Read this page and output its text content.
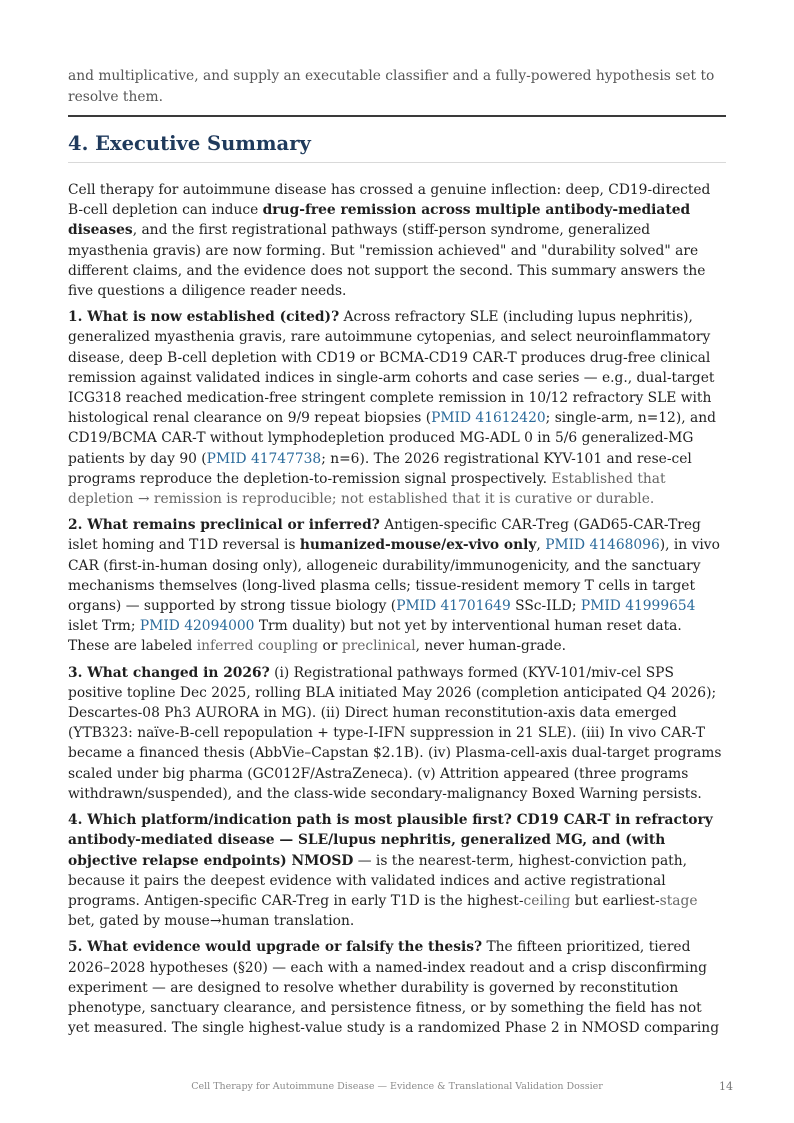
and multiplicative, and supply an executable classifier and a fully-powered hypothesis set to
resolve them.

4. Executive Summary

Cell therapy for autoimmune disease has crossed a genuine inflection: deep, CD19-directed B-cell depletion can induce drug-free remission across multiple antibody-mediated diseases, and the first registrational pathways (stiff-person syndrome, generalized myasthenia gravis) are now forming. But "remission achieved" and "durability solved" are different claims, and the evidence does not support the second. This summary answers the five questions a diligence reader needs.

1. What is now established (cited)? Across refractory SLE (including lupus nephritis), generalized myasthenia gravis, rare autoimmune cytopenias, and select neuroinflammatory disease, deep B-cell depletion with CD19 or BCMA-CD19 CAR-T produces drug-free clinical remission against validated indices in single-arm cohorts and case series — e.g., dual-target ICG318 reached medication-free stringent complete remission in 10/12 refractory SLE with histological renal clearance on 9/9 repeat biopsies (PMID 41612420; single-arm, n=12), and CD19/BCMA CAR-T without lymphodepletion produced MG-ADL 0 in 5/6 generalized-MG patients by day 90 (PMID 41747738; n=6). The 2026 registrational KYV-101 and rese-cel programs reproduce the depletion-to-remission signal prospectively. Established that depletion → remission is reproducible; not established that it is curative or durable.

2. What remains preclinical or inferred? Antigen-specific CAR-Treg (GAD65-CAR-Treg islet homing and T1D reversal is humanized-mouse/ex-vivo only, PMID 41468096), in vivo CAR (first-in-human dosing only), allogeneic durability/immunogenicity, and the sanctuary mechanisms themselves (long-lived plasma cells; tissue-resident memory T cells in target organs) — supported by strong tissue biology (PMID 41701649 SSc-ILD; PMID 41999654 islet Trm; PMID 42094000 Trm duality) but not yet by interventional human reset data. These are labeled inferred coupling or preclinical, never human-grade.

3. What changed in 2026? (i) Registrational pathways formed (KYV-101/miv-cel SPS positive topline Dec 2025, rolling BLA initiated May 2026 (completion anticipated Q4 2026); Descartes-08 Ph3 AURORA in MG). (ii) Direct human reconstitution-axis data emerged (YTB323: naïve-B-cell repopulation + type-I-IFN suppression in 21 SLE). (iii) In vivo CAR-T became a financed thesis (AbbVie–Capstan $2.1B). (iv) Plasma-cell-axis dual-target programs scaled under big pharma (GC012F/AstraZeneca). (v) Attrition appeared (three programs withdrawn/suspended), and the class-wide secondary-malignancy Boxed Warning persists.

4. Which platform/indication path is most plausible first? CD19 CAR-T in refractory antibody-mediated disease — SLE/lupus nephritis, generalized MG, and (with objective relapse endpoints) NMOSD — is the nearest-term, highest-conviction path, because it pairs the deepest evidence with validated indices and active registrational programs. Antigen-specific CAR-Treg in early T1D is the highest-ceiling but earliest-stage bet, gated by mouse→human translation.

5. What evidence would upgrade or falsify the thesis? The fifteen prioritized, tiered 2026–2028 hypotheses (§20) — each with a named-index readout and a crisp disconfirming experiment — are designed to resolve whether durability is governed by reconstitution phenotype, sanctuary clearance, and persistence fitness, or by something the field has not yet measured. The single highest-value study is a randomized Phase 2 in NMOSD comparing

Cell Therapy for Autoimmune Disease — Evidence & Translational Validation Dossier	14
